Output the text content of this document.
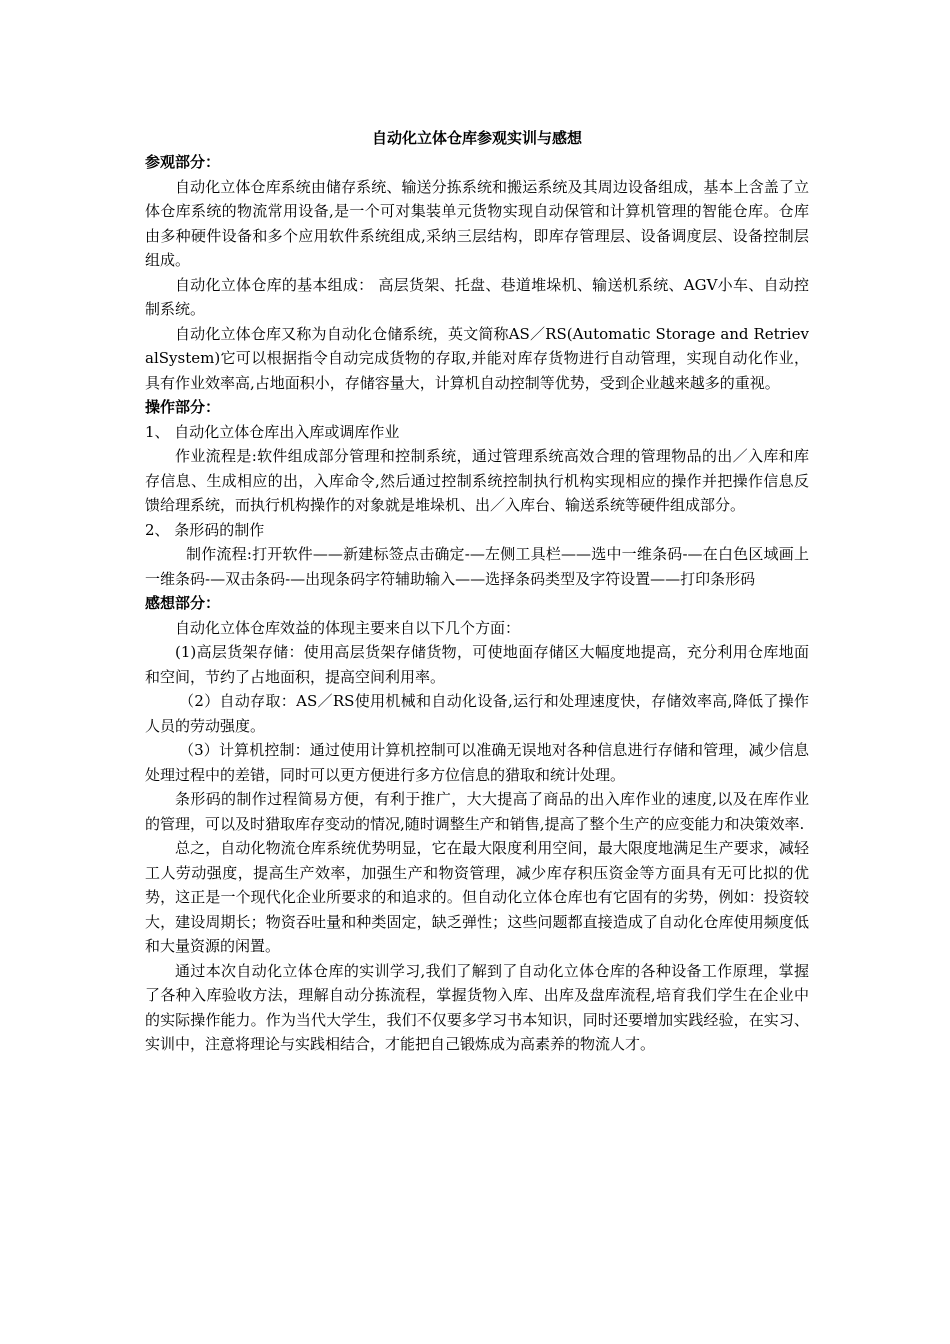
自动化立体仓库参观实训与感想

参观部分：

自动化立体仓库系统由储存系统、输送分拣系统和搬运系统及其周边设备组成，基本上含盖了立体仓库系统的物流常用设备,是一个可对集装单元货物实现自动保管和计算机管理的智能仓库。仓库由多种硬件设备和多个应用软件系统组成,采纳三层结构，即库存管理层、设备调度层、设备控制层组成。

自动化立体仓库的基本组成： 高层货架、托盘、巷道堆垛机、输送机系统、AGV小车、自动控制系统。

自动化立体仓库又称为自动化仓储系统，英文简称AS／RS(Automatic Storage and RetrievalSystem)它可以根据指令自动完成货物的存取,并能对库存货物进行自动管理，实现自动化作业，具有作业效率高,占地面积小，存储容量大，计算机自动控制等优势，受到企业越来越多的重视。

操作部分：

1、 自动化立体仓库出入库或调库作业

作业流程是:软件组成部分管理和控制系统，通过管理系统高效合理的管理物品的出／入库和库存信息、生成相应的出，入库命令,然后通过控制系统控制执行机构实现相应的操作并把操作信息反馈给理系统，而执行机构操作的对象就是堆垛机、出／入库台、输送系统等硬件组成部分。

2、 条形码的制作

制作流程:打开软件——新建标签点击确定-—左侧工具栏——选中一维条码-—在白色区域画上一维条码-—双击条码-—出现条码字符辅助输入——选择条码类型及字符设置——打印条形码

感想部分：

自动化立体仓库效益的体现主要来自以下几个方面：

(1)高层货架存储：使用高层货架存储货物，可使地面存储区大幅度地提高，充分利用仓库地面和空间，节约了占地面积，提高空间利用率。

（2）自动存取：AS／RS使用机械和自动化设备,运行和处理速度快，存储效率高,降低了操作人员的劳动强度。

（3）计算机控制：通过使用计算机控制可以准确无误地对各种信息进行存储和管理，减少信息处理过程中的差错，同时可以更方便进行多方位信息的猎取和统计处理。

条形码的制作过程简易方便，有利于推广，大大提高了商品的出入库作业的速度,以及在库作业的管理，可以及时猎取库存变动的情况,随时调整生产和销售,提高了整个生产的应变能力和决策效率.

总之，自动化物流仓库系统优势明显，它在最大限度利用空间，最大限度地满足生产要求，减轻工人劳动强度，提高生产效率，加强生产和物资管理，减少库存积压资金等方面具有无可比拟的优势，这正是一个现代化企业所要求的和追求的。但自动化立体仓库也有它固有的劣势，例如：投资较大，建设周期长；物资吞吐量和种类固定，缺乏弹性；这些问题都直接造成了自动化仓库使用频度低和大量资源的闲置。

通过本次自动化立体仓库的实训学习,我们了解到了自动化立体仓库的各种设备工作原理，掌握了各种入库验收方法，理解自动分拣流程，掌握货物入库、出库及盘库流程,培育我们学生在企业中的实际操作能力。作为当代大学生，我们不仅要多学习书本知识，同时还要增加实践经验，在实习、实训中，注意将理论与实践相结合，才能把自己锻炼成为高素养的物流人才。
